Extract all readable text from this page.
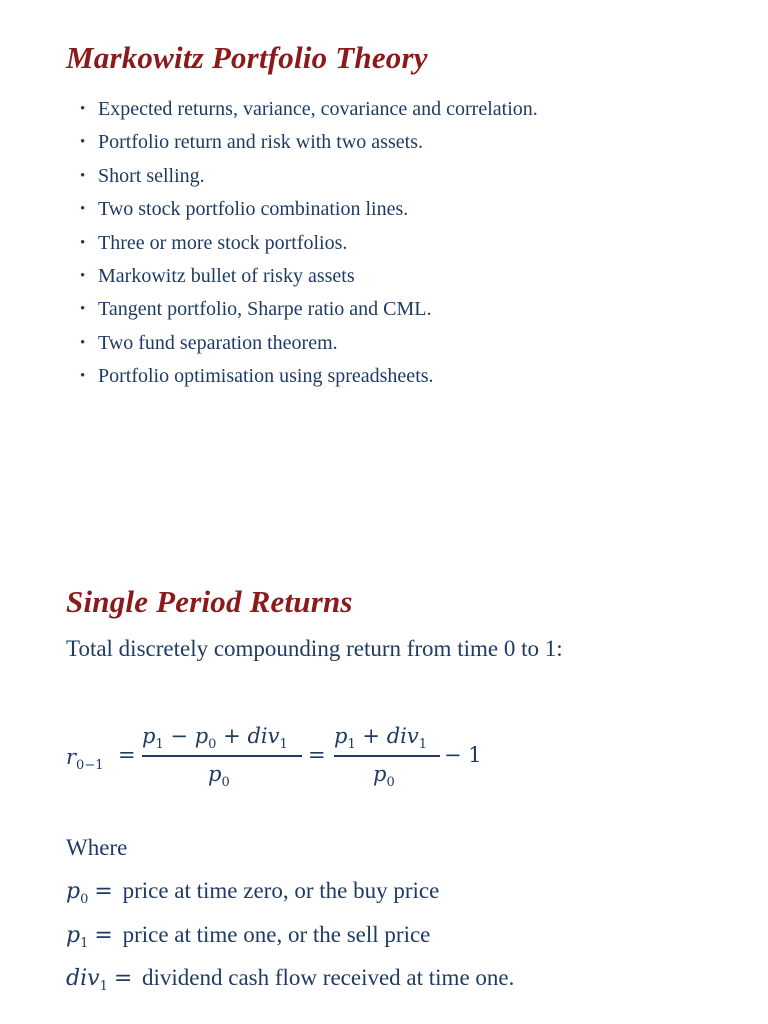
Markowitz Portfolio Theory
• Expected returns, variance, covariance and correlation.
• Portfolio return and risk with two assets.
• Short selling.
• Two stock portfolio combination lines.
• Three or more stock portfolios.
• Markowitz bullet of risky assets
• Tangent portfolio, Sharpe ratio and CML.
• Two fund separation theorem.
• Portfolio optimisation using spreadsheets.
Single Period Returns

Total discretely compounding return from time 0 to 1:

$r_{0-1}$ =
$p_1 - p_0 + div_1$
$p_0$
=
$p_1 + div_1$
$p_0$
− 1

Where

$p_0$ = price at time zero, or the buy price
$p_1$ = price at time one, or the sell price
div$_1$ = dividend cash flow received at time one.
